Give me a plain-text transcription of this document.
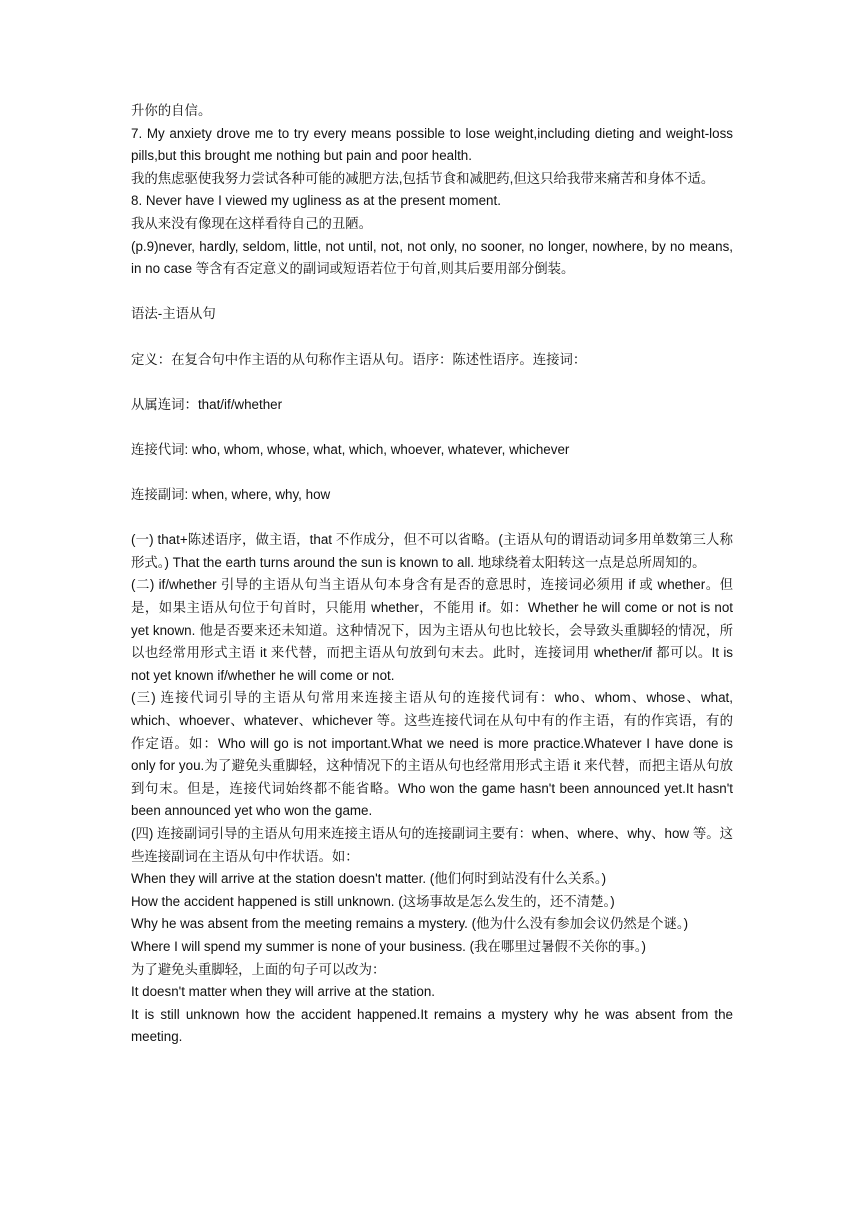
升你的自信。

7. My anxiety drove me to try every means possible to lose weight,including dieting and weight-loss pills,but this brought me nothing but pain and poor health.

我的焦虑驱使我努力尝试各种可能的减肥方法,包括节食和减肥药,但这只给我带来痛苦和身体不适。

8. Never have I viewed my ugliness as at the present moment.

我从来没有像现在这样看待自己的丑陋。

(p.9)never, hardly, seldom, little, not until, not, not only, no sooner, no longer, nowhere, by no means, in no case 等含有否定意义的副词或短语若位于句首,则其后要用部分倒装。

语法-主语从句

定义：在复合句中作主语的从句称作主语从句。语序：陈述性语序。连接词：

从属连词：that/if/whether

连接代词: who, whom, whose, what, which, whoever, whatever, whichever

连接副词: when, where, why, how

(一) that+陈述语序，做主语，that 不作成分，但不可以省略。(主语从句的谓语动词多用单数第三人称形式。) That the earth turns around the sun is known to all. 地球绕着太阳转这一点是总所周知的。

(二) if/whether 引导的主语从句当主语从句本身含有是否的意思时，连接词必须用 if 或 whether。但是，如果主语从句位于句首时，只能用 whether，不能用 if。如：Whether he will come or not is not yet known. 他是否要来还未知道。这种情况下，因为主语从句也比较长，会导致头重脚轻的情况，所以也经常用形式主语 it 来代替，而把主语从句放到句末去。此时，连接词用 whether/if 都可以。It is not yet known if/whether he will come or not.

(三) 连接代词引导的主语从句常用来连接主语从句的连接代词有：who、whom、whose、what, which、whoever、whatever、whichever 等。这些连接代词在从句中有的作主语，有的作宾语，有的作定语。如：Who will go is not important.What we need is more practice.Whatever I have done is only for you.为了避免头重脚轻，这种情况下的主语从句也经常用形式主语 it 来代替，而把主语从句放到句末。但是，连接代词始终都不能省略。Who won the game hasn't been announced yet.It hasn't been announced yet who won the game.

(四) 连接副词引导的主语从句用来连接主语从句的连接副词主要有：when、where、why、how 等。这些连接副词在主语从句中作状语。如：

When they will arrive at the station doesn't matter. (他们何时到站没有什么关系。)

How the accident happened is still unknown. (这场事故是怎么发生的，还不清楚。)

Why he was absent from the meeting remains a mystery. (他为什么没有参加会议仍然是个谜。)

Where I will spend my summer is none of your business. (我在哪里过暑假不关你的事。)

为了避免头重脚轻，上面的句子可以改为：

It doesn't matter when they will arrive at the station.

It is still unknown how the accident happened.It remains a mystery why he was absent from the meeting.
